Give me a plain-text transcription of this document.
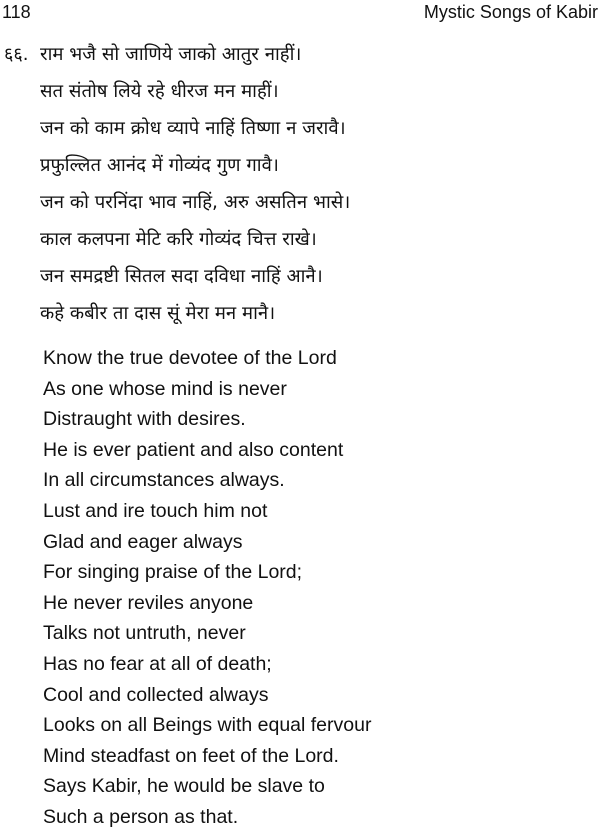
118	Mystic Songs of Kabir
६६. राम भजै सो जाणिये जाको आतुर नाहीं।
सत संतोष लिये रहे धीरज मन माहीं।
जन को काम क्रोध व्यापे नाहिं तिष्णा न जरावै।
प्रफुल्लित आनंद में गोव्यंद गुण गावै।
जन को परनिंदा भाव नाहिं, अरु असतिन भासे।
काल कलपना मेटि करि गोव्यंद चित्त राखे।
जन समद्रष्टी सितल सदा दविधा नाहिं आनै।
कहे कबीर ता दास सूं मेरा मन मानै।
Know the true devotee of the Lord
As one whose mind is never
Distraught with desires.
He is ever patient and also content
In all circumstances always.
Lust and ire touch him not
Glad and eager always
For singing praise of the Lord;
He never reviles anyone
Talks not untruth, never
Has no fear at all of death;
Cool and collected always
Looks on all Beings with equal fervour
Mind steadfast on feet of the Lord.
Says Kabir, he would be slave to
Such a person as that.
